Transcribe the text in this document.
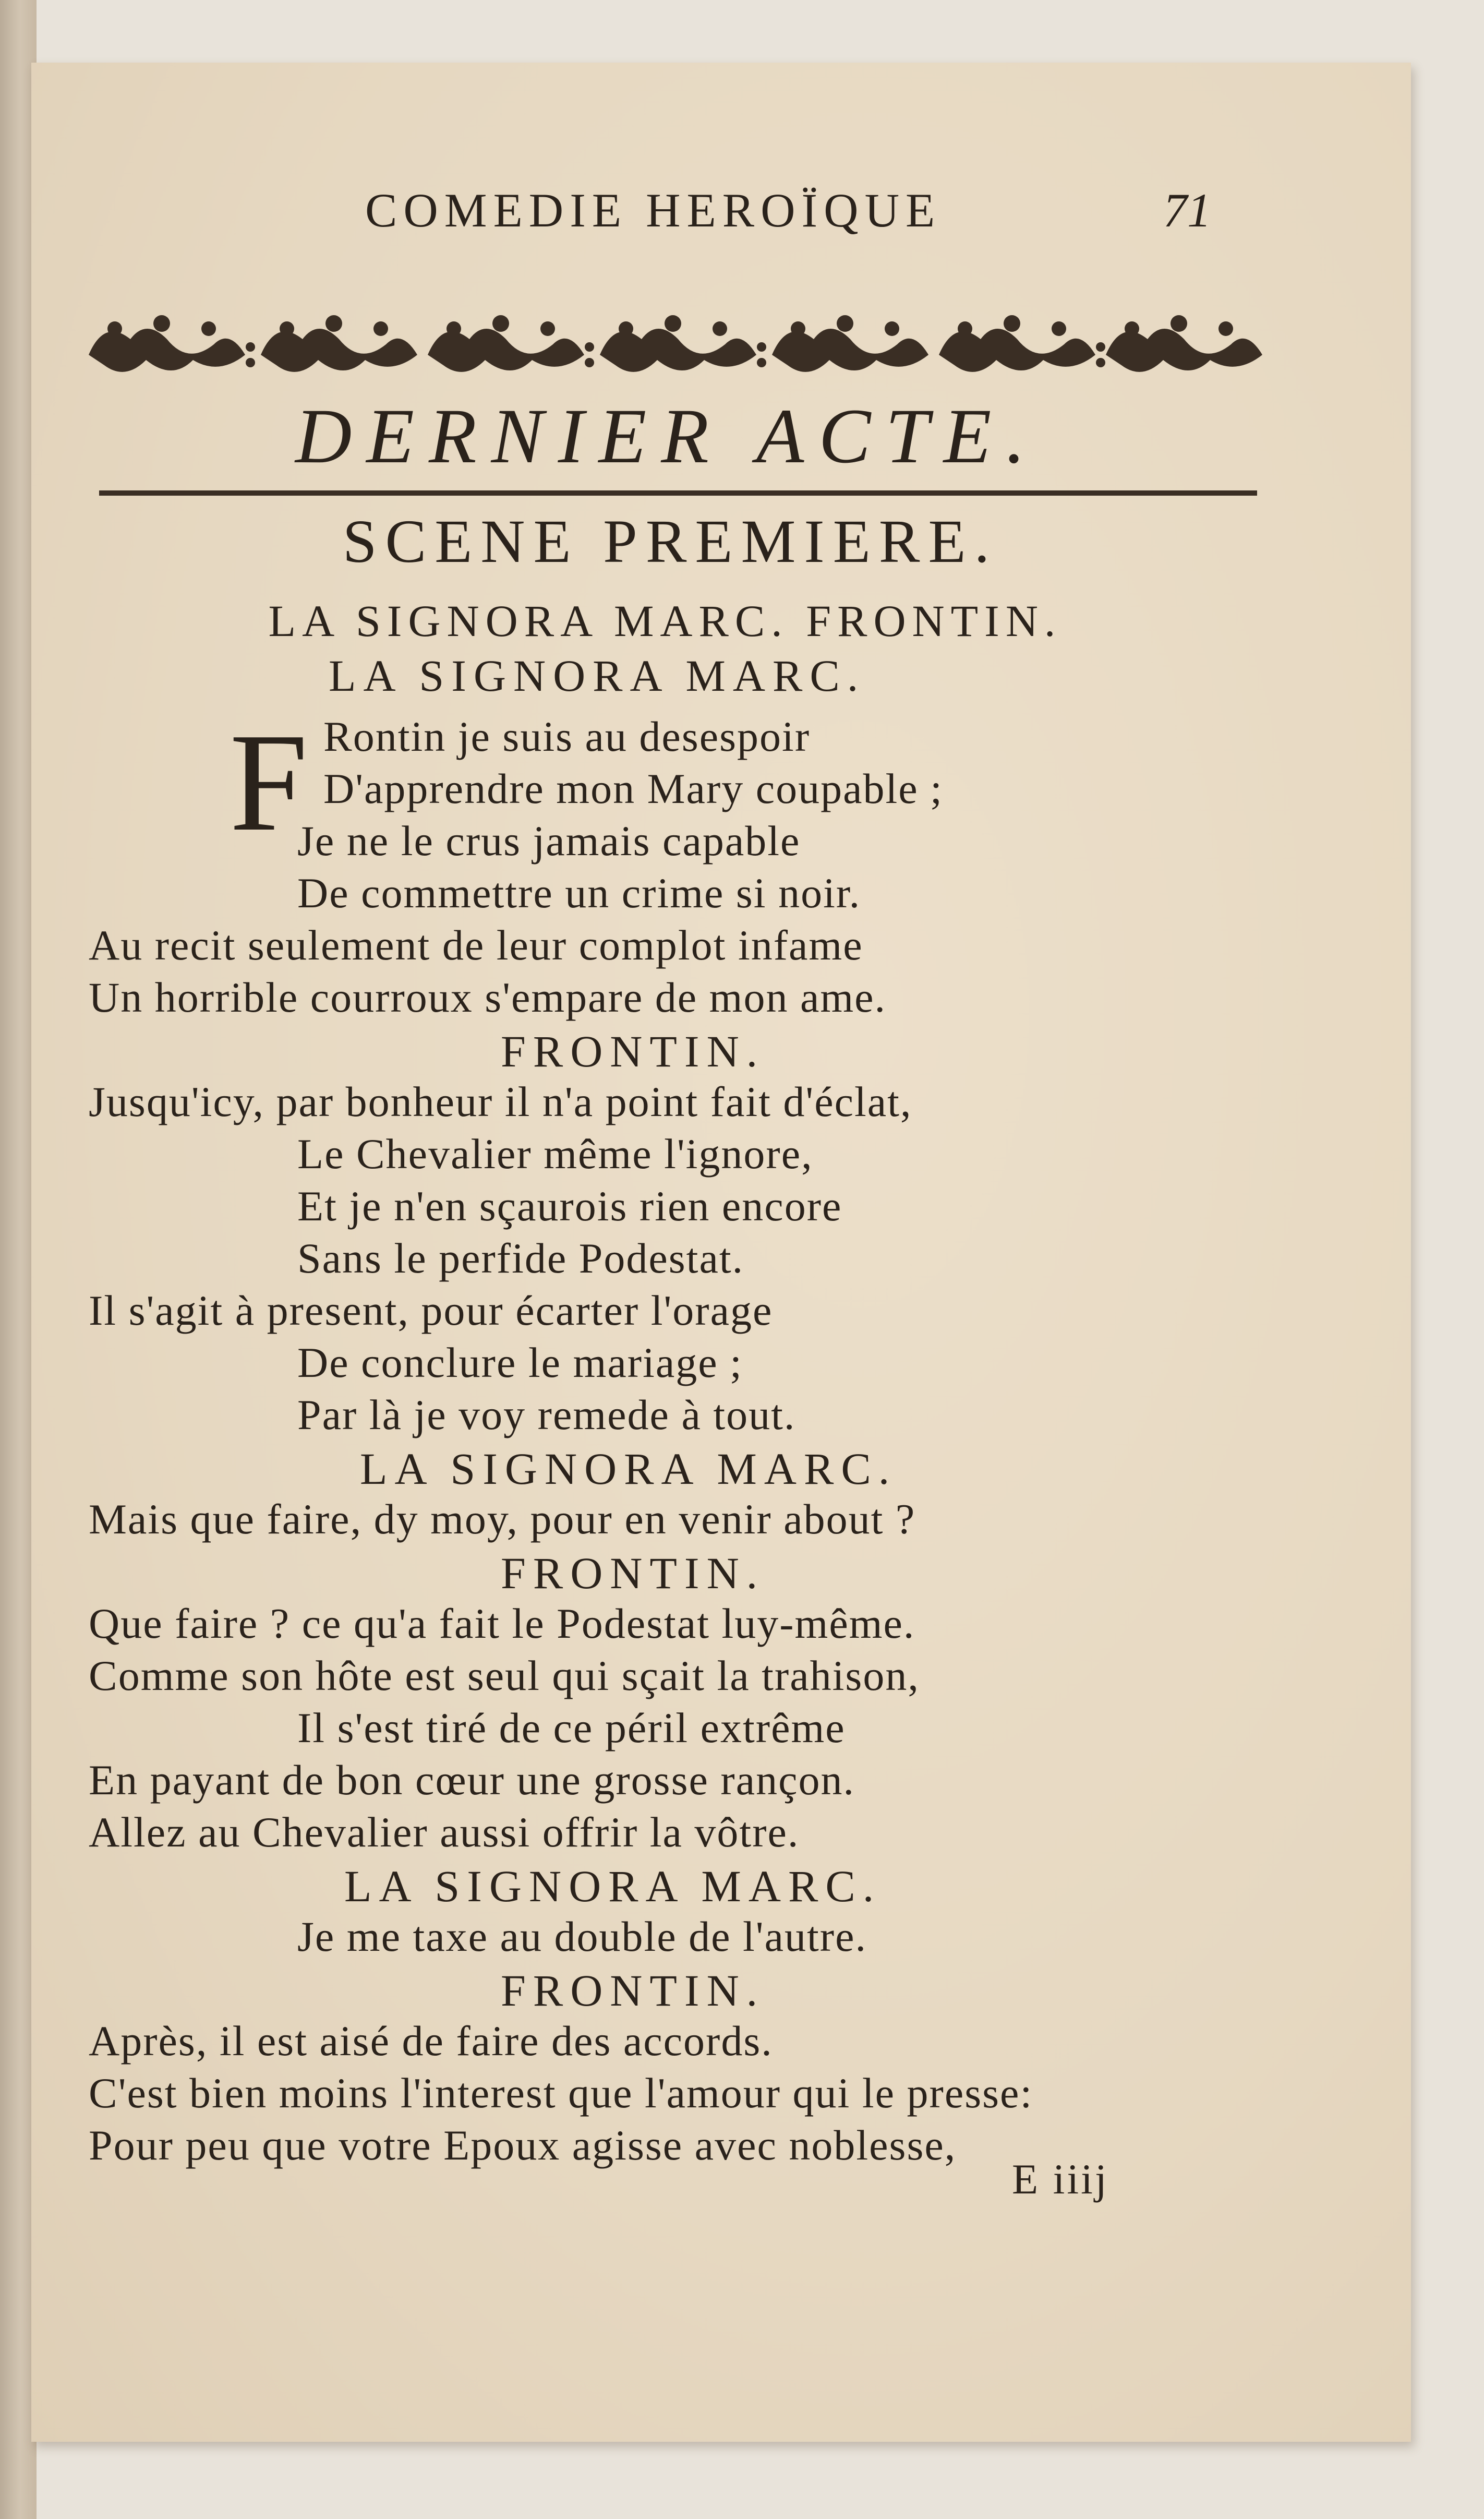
COMEDIE HEROÏQUE	71
DERNIER ACTE.
SCENE PREMIERE.
LA SIGNORA MARC. FRONTIN.
LA SIGNORA MARC.
F Rontin je suis au desespoir
D'apprendre mon Mary coupable ;
Je ne le crus jamais capable
De commettre un crime si noir.
Au recit seulement de leur complot infame
Un horrible courroux s'empare de mon ame.
FRONTIN.
Jusqu'icy, par bonheur il n'a point fait d'éclat,
Le Chevalier même l'ignore,
Et je n'en sçaurois rien encore
Sans le perfide Podestat.
Il s'agit à present, pour écarter l'orage
De conclure le mariage ;
Par là je voy remede à tout.
LA SIGNORA MARC.
Mais que faire, dy moy, pour en venir about ?
FRONTIN.
Que faire ? ce qu'a fait le Podestat luy-même.
Comme son hôte est seul qui sçait la trahison,
Il s'est tiré de ce péril extrême
En payant de bon cœur une grosse rançon.
Allez au Chevalier aussi offrir la vôtre.
LA SIGNORA MARC.
Je me taxe au double de l'autre.
FRONTIN.
Après, il est aisé de faire des accords.
C'est bien moins l'interest que l'amour qui le presse:
Pour peu que votre Epoux agisse avec noblesse,
E iiij
